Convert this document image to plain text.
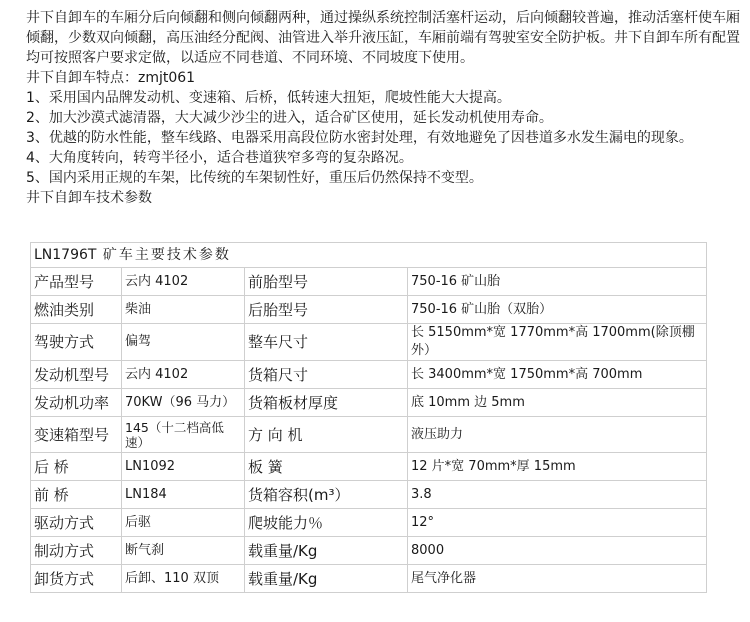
井下自卸车的车厢分后向倾翻和侧向倾翻两种，通过操纵系统控制活塞杆运动，后向倾翻较普遍，推动活塞杆使车厢倾翻，少数双向倾翻，高压油经分配阀、油管进入举升液压缸，车厢前端有驾驶室安全防护板。井下自卸车所有配置均可按照客户要求定做，以适应不同巷道、不同环境、不同坡度下使用。

井下自卸车特点：zmjt061

1、采用国内品牌发动机、变速箱、后桥，低转速大扭矩，爬坡性能大大提高。

2、加大沙漠式滤清器，大大减少沙尘的进入，适合矿区使用，延长发动机使用寿命。

3、优越的防水性能，整车线路、电器采用高段位防水密封处理，有效地避免了因巷道多水发生漏电的现象。

4、大角度转向，转弯半径小，适合巷道狭窄多弯的复杂路况。

5、国内采用正规的车架，比传统的车架韧性好，重压后仍然保持不变型。

井下自卸车技术参数

LN1796T 矿车主要技术参数			
产品型号	云内 4102	前胎型号	750-16 矿山胎
燃油类别	柴油	后胎型号	750-16 矿山胎（双胎）
驾驶方式	偏驾	整车尺寸	长 5150mm*宽 1770mm*高 1700mm(除顶棚外）
发动机型号	云内 4102	货箱尺寸	长 3400mm*宽 1750mm*高 700mm
发动机功率	70KW（96 马力）	货箱板材厚度	底 10mm 边 5mm
变速箱型号	145（十二档高低速）	方 向 机	液压助力
后 桥	LN1092	板 簧	12 片*宽 70mm*厚 15mm
前 桥	LN184	货箱容积(m³）	3.8
驱动方式	后驱	爬坡能力％	12°
制动方式	断气刹	载重量/Kg	8000
卸货方式	后卸、110 双顶	载重量/Kg	尾气净化器
